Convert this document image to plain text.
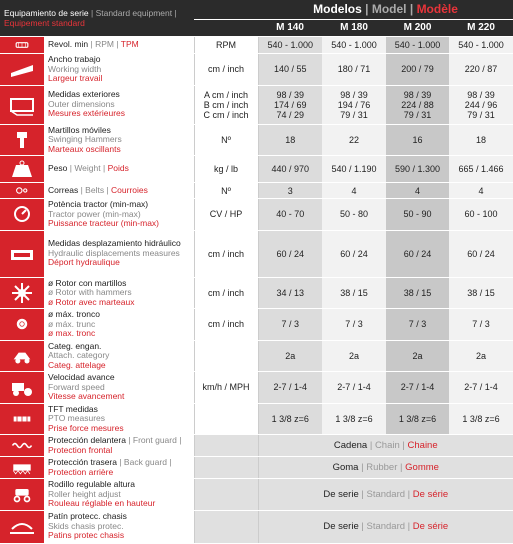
Equipamiento de serie | Standard equipment | Equipement standard			Modelos | Model | Modèle			
			M 140	M 180	M 200	M 220

	Revol. min | RPM | TPM	RPM	540 - 1.000	540 - 1.000	540 - 1.000	540 - 1.000

	Ancho trabajo
Working width
Largeur travail	cm / inch	140 / 55	180 / 71	200 / 79	220 / 87

	Medidas exteriores
Outer dimensions
Mesures extérieures	A cm / inch
B cm / inch
C cm / inch	98 / 39
174 / 69
74 / 29	98 / 39
194 / 76
79 / 31	98 / 39
224 / 88
79 / 31	98 / 39
244 / 96
79 / 31

	Martillos móviles
Swinging Hammers
Marteaux oscillants	Nº	18	22	16	18

	Peso | Weight | Poids	kg / lb	440 / 970	540 / 1.190	590 / 1.300	665 / 1.466

	Correas | Belts | Courroies	Nº	3	4	4	4

	Potència tractor (min-max)
Tractor power (min-max)
Puissance tracteur (min-max)	CV / HP	40 - 70	50 - 80	50 - 90	60 - 100

	Medidas desplazamiento hidráulico
Hydraulic displacements measures
Déport hydraulique	cm / inch	60 / 24	60 / 24	60 / 24	60 / 24

	ø Rotor con martillos
ø Rotor with hammers
ø Rotor avec marteaux	cm / inch	34 / 13	38 / 15	38 / 15	38 / 15

	ø máx. tronco
ø máx. trunc
ø max. tronc	cm / inch	7 / 3	7 / 3	7 / 3	7 / 3

	Categ. engan.
Attach. category
Categ. attelage		2a	2a	2a	2a

	Velocidad avance
Forward speed
Vitesse avancement	km/h / MPH	2-7 / 1-4	2-7 / 1-4	2-7 / 1-4	2-7 / 1-4

	TFT medidas
PTO measures
Prise force mesures		1 3/8 z=6	1 3/8 z=6	1 3/8 z=6	1 3/8 z=6

	Protección delantera | Front guard | Protection frontal		Cadena | Chain | Chaine			

	Protección trasera | Back guard | Protection arrière		Goma | Rubber | Gomme			

	Rodillo regulable altura
Roller height adjust
Rouleau réglable en hauteur		De serie | Standard | De série			

	Patín protecc. chasis
Skids chasis protec.
Patins protec chasis		De serie | Standard | De série			
